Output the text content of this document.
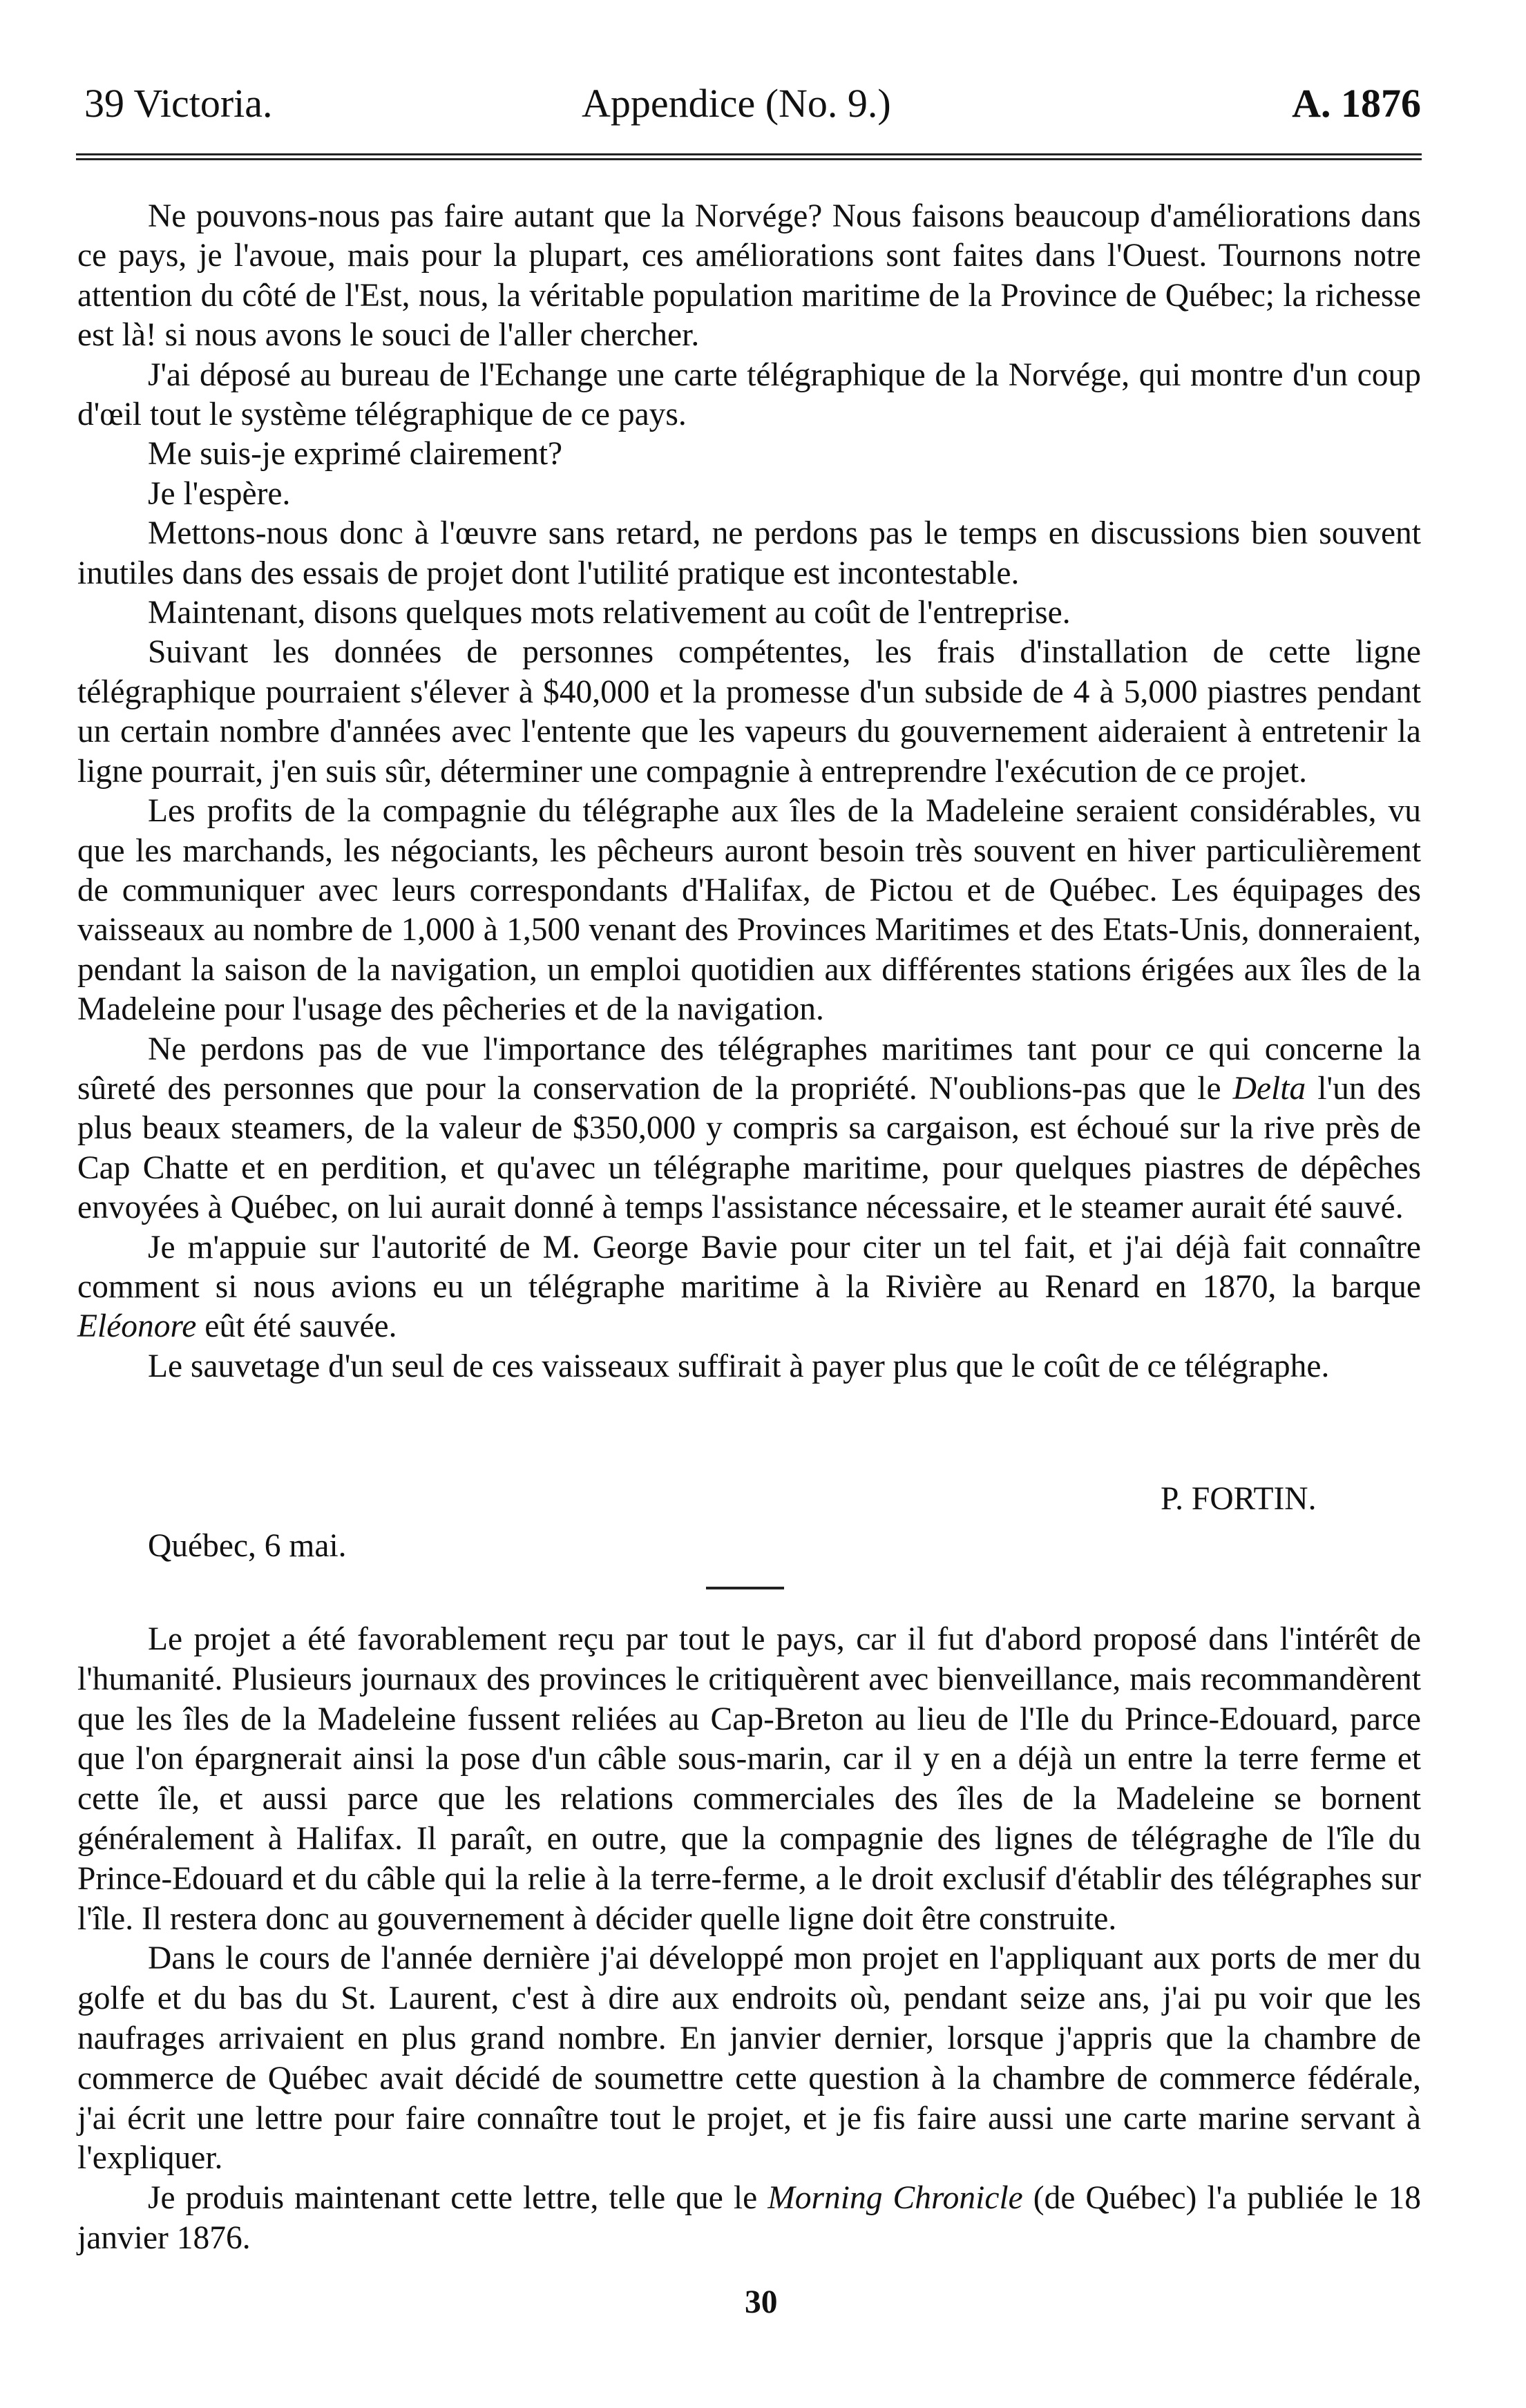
39 Victoria.	Appendice (No. 9.)	A. 1876

Ne pouvons-nous pas faire autant que la Norvége? Nous faisons beaucoup d'améliorations dans ce pays, je l'avoue, mais pour la plupart, ces améliorations sont faites dans l'Ouest. Tournons notre attention du côté de l'Est, nous, la véritable population maritime de la Province de Québec; la richesse est là! si nous avons le souci de l'aller chercher.

J'ai déposé au bureau de l'Echange une carte télégraphique de la Norvége, qui montre d'un coup d'œil tout le système télégraphique de ce pays.

Me suis-je exprimé clairement?

Je l'espère.

Mettons-nous donc à l'œuvre sans retard, ne perdons pas le temps en discussions bien souvent inutiles dans des essais de projet dont l'utilité pratique est incontestable.

Maintenant, disons quelques mots relativement au coût de l'entreprise.

Suivant les données de personnes compétentes, les frais d'installation de cette ligne télégraphique pourraient s'élever à $40,000 et la promesse d'un subside de 4 à 5,000 piastres pendant un certain nombre d'années avec l'entente que les vapeurs du gouvernement aideraient à entretenir la ligne pourrait, j'en suis sûr, déterminer une compagnie à entreprendre l'exécution de ce projet.

Les profits de la compagnie du télégraphe aux îles de la Madeleine seraient considérables, vu que les marchands, les négociants, les pêcheurs auront besoin très souvent en hiver particulièrement de communiquer avec leurs correspondants d'Halifax, de Pictou et de Québec. Les équipages des vaisseaux au nombre de 1,000 à 1,500 venant des Provinces Maritimes et des Etats-Unis, donneraient, pendant la saison de la navigation, un emploi quotidien aux différentes stations érigées aux îles de la Madeleine pour l'usage des pêcheries et de la navigation.

Ne perdons pas de vue l'importance des télégraphes maritimes tant pour ce qui concerne la sûreté des personnes que pour la conservation de la propriété. N'oublions-pas que le Delta l'un des plus beaux steamers, de la valeur de $350,000 y compris sa cargaison, est échoué sur la rive près de Cap Chatte et en perdition, et qu'avec un télégraphe maritime, pour quelques piastres de dépêches envoyées à Québec, on lui aurait donné à temps l'assistance nécessaire, et le steamer aurait été sauvé.

Je m'appuie sur l'autorité de M. George Bavie pour citer un tel fait, et j'ai déjà fait connaître comment si nous avions eu un télégraphe maritime à la Rivière au Renard en 1870, la barque Eléonore eût été sauvée.

Le sauvetage d'un seul de ces vaisseaux suffirait à payer plus que le coût de ce télégraphe.

P. FORTIN.
Québec, 6 mai.

Le projet a été favorablement reçu par tout le pays, car il fut d'abord proposé dans l'intérêt de l'humanité. Plusieurs journaux des provinces le critiquèrent avec bienveillance, mais recommandèrent que les îles de la Madeleine fussent reliées au Cap-Breton au lieu de l'Ile du Prince-Edouard, parce que l'on épargnerait ainsi la pose d'un câble sous-marin, car il y en a déjà un entre la terre ferme et cette île, et aussi parce que les relations commerciales des îles de la Madeleine se bornent généralement à Halifax. Il paraît, en outre, que la compagnie des lignes de télégraghe de l'île du Prince-Edouard et du câble qui la relie à la terre-ferme, a le droit exclusif d'établir des télégraphes sur l'île. Il restera donc au gouvernement à décider quelle ligne doit être construite.

Dans le cours de l'année dernière j'ai développé mon projet en l'appliquant aux ports de mer du golfe et du bas du St. Laurent, c'est à dire aux endroits où, pendant seize ans, j'ai pu voir que les naufrages arrivaient en plus grand nombre. En janvier dernier, lorsque j'appris que la chambre de commerce de Québec avait décidé de soumettre cette question à la chambre de commerce fédérale, j'ai écrit une lettre pour faire connaître tout le projet, et je fis faire aussi une carte marine servant à l'expliquer.

Je produis maintenant cette lettre, telle que le Morning Chronicle (de Québec) l'a publiée le 18 janvier 1876.

30
